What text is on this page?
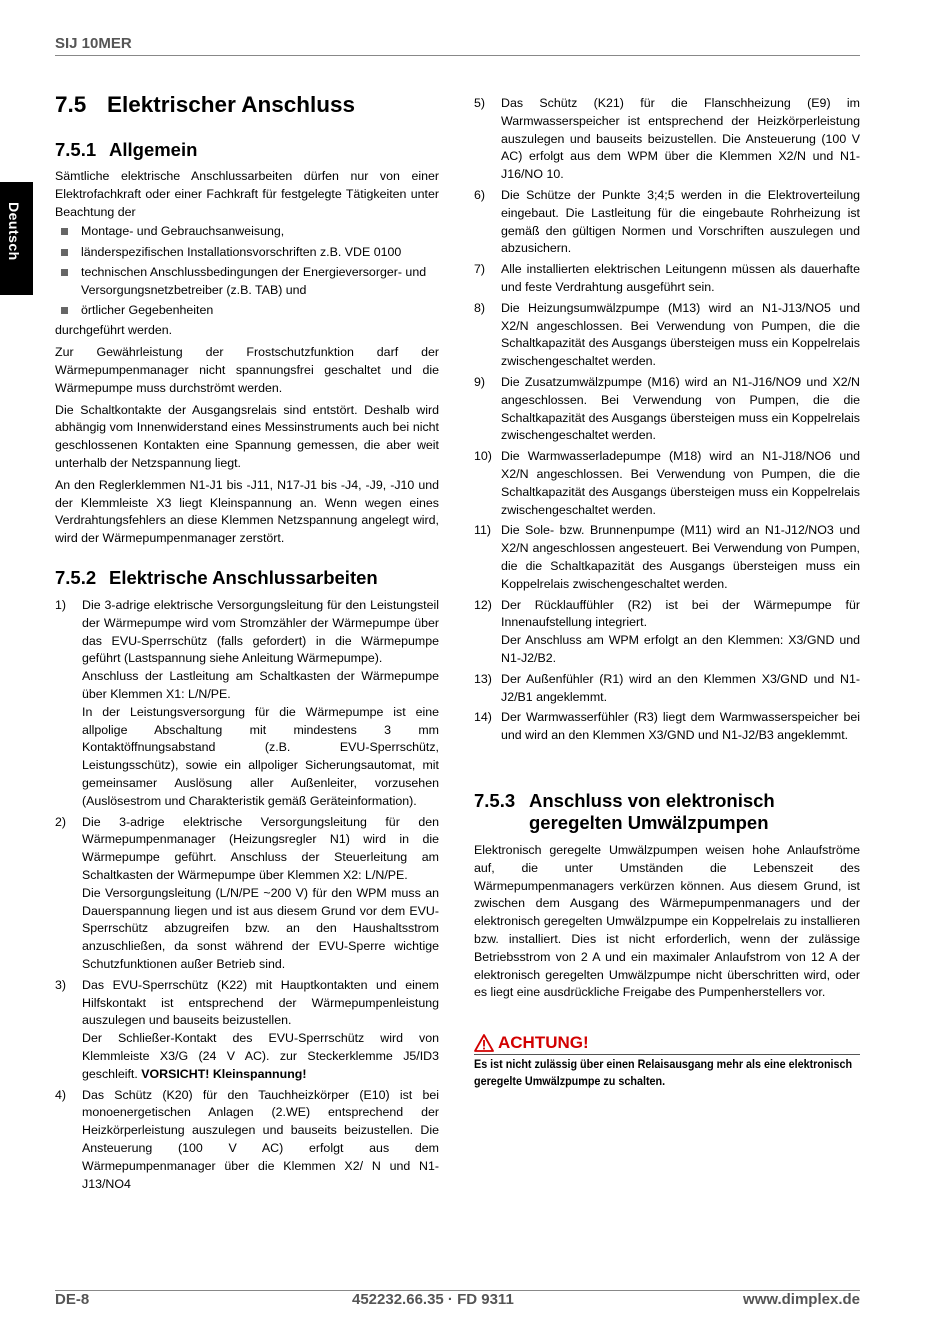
SIJ 10MER
Deutsch
7.5 Elektrischer Anschluss
7.5.1 Allgemein

Sämtliche elektrische Anschlussarbeiten dürfen nur von einer Elektrofachkraft oder einer Fachkraft für festgelegte Tätigkeiten unter Beachtung der

Montage- und Gebrauchsanweisung,
länderspezifischen Installationsvorschriften z.B. VDE 0100
technischen Anschlussbedingungen der Energieversorger- und Versorgungsnetzbetreiber (z.B. TAB) und
örtlicher Gegebenheiten

durchgeführt werden.

Zur Gewährleistung der Frostschutzfunktion darf der Wärmepumpenmanager nicht spannungsfrei geschaltet und die Wärmepumpe muss durchströmt werden.

Die Schaltkontakte der Ausgangsrelais sind entstört. Deshalb wird abhängig vom Innenwiderstand eines Messinstruments auch bei nicht geschlossenen Kontakten eine Spannung gemessen, die aber weit unterhalb der Netzspannung liegt.

An den Reglerklemmen N1-J1 bis -J11, N17-J1 bis -J4, -J9, -J10 und der Klemmleiste X3 liegt Kleinspannung an. Wenn wegen eines Verdrahtungsfehlers an diese Klemmen Netzspannung angelegt wird, wird der Wärmepumpenmanager zerstört.

7.5.2 Elektrische Anschlussarbeiten
1) Die 3-adrige elektrische Versorgungsleitung für den Leistungsteil der Wärmepumpe wird vom Stromzähler der Wärmepumpe über das EVU-Sperrschütz (falls gefordert) in die Wärmepumpe geführt (Lastspannung siehe Anleitung Wärmepumpe).
Anschluss der Lastleitung am Schaltkasten der Wärmepumpe über Klemmen X1: L/N/PE.
In der Leistungsversorgung für die Wärmepumpe ist eine allpolige Abschaltung mit mindestens 3 mm Kontaktöffnungsabstand (z.B. EVU-Sperrschütz, Leistungsschütz), sowie ein allpoliger Sicherungsautomat, mit gemeinsamer Auslösung aller Außenleiter, vorzusehen (Auslösestrom und Charakteristik gemäß Geräteinformation).
2) Die 3-adrige elektrische Versorgungsleitung für den Wärmepumpenmanager (Heizungsregler N1) wird in die Wärmepumpe geführt. Anschluss der Steuerleitung am Schaltkasten der Wärmepumpe über Klemmen X2: L/N/PE.
Die Versorgungsleitung (L/N/PE ~200 V) für den WPM muss an Dauerspannung liegen und ist aus diesem Grund vor dem EVU-Sperrschütz abzugreifen bzw. an den Haushaltsstrom anzuschließen, da sonst während der EVU-Sperre wichtige Schutzfunktionen außer Betrieb sind.
3) Das EVU-Sperrschütz (K22) mit Hauptkontakten und einem Hilfskontakt ist entsprechend der Wärmepumpenleistung auszulegen und bauseits beizustellen.
Der Schließer-Kontakt des EVU-Sperrschütz wird von Klemmleiste X3/G (24 V AC). zur Steckerklemme J5/ID3 geschleift. VORSICHT! Kleinspannung!
4) Das Schütz (K20) für den Tauchheizkörper (E10) ist bei monoenergetischen Anlagen (2.WE) entsprechend der Heizkörperleistung auszulegen und bauseits beizustellen. Die Ansteuerung (100 V AC) erfolgt aus dem Wärmepumpenmanager über die Klemmen X2/ N und N1-J13/NO4
5) Das Schütz (K21) für die Flanschheizung (E9) im Warmwasserspeicher ist entsprechend der Heizkörperleistung auszulegen und bauseits beizustellen. Die Ansteuerung (100 V AC) erfolgt aus dem WPM über die Klemmen X2/N und N1-J16/NO 10.
6) Die Schütze der Punkte 3;4;5 werden in die Elektroverteilung eingebaut. Die Lastleitung für die eingebaute Rohrheizung ist gemäß den gültigen Normen und Vorschriften auszulegen und abzusichern.
7) Alle installierten elektrischen Leitungenn müssen als dauerhafte und feste Verdrahtung ausgeführt sein.
8) Die Heizungsumwälzpumpe (M13) wird an N1-J13/NO5 und X2/N angeschlossen. Bei Verwendung von Pumpen, die die Schaltkapazität des Ausgangs übersteigen muss ein Koppelrelais zwischengeschaltet werden.
9) Die Zusatzumwälzpumpe (M16) wird an N1-J16/NO9 und X2/N angeschlossen. Bei Verwendung von Pumpen, die die Schaltkapazität des Ausgangs übersteigen muss ein Koppelrelais zwischengeschaltet werden.
10) Die Warmwasserladepumpe (M18) wird an N1-J18/NO6 und X2/N angeschlossen. Bei Verwendung von Pumpen, die die Schaltkapazität des Ausgangs übersteigen muss ein Koppelrelais zwischengeschaltet werden.
11) Die Sole- bzw. Brunnenpumpe (M11) wird an N1-J12/NO3 und X2/N angeschlossen angesteuert. Bei Verwendung von Pumpen, die die Schaltkapazität des Ausgangs übersteigen muss ein Koppelrelais zwischengeschaltet werden.
12) Der Rücklauffühler (R2) ist bei der Wärmepumpe für Innenaufstellung integriert.
Der Anschluss am WPM erfolgt an den Klemmen: X3/GND und N1-J2/B2.
13) Der Außenfühler (R1) wird an den Klemmen X3/GND und N1-J2/B1 angeklemmt.
14) Der Warmwasserfühler (R3) liegt dem Warmwasserspeicher bei und wird an den Klemmen X3/GND und N1-J2/B3 angeklemmt.
7.5.3 Anschluss von elektronisch
geregelten Umwälzpumpen

Elektronisch geregelte Umwälzpumpen weisen hohe Anlaufströme auf, die unter Umständen die Lebenszeit des Wärmepumpenmanagers verkürzen können. Aus diesem Grund, ist zwischen dem Ausgang des Wärmepumpenmanagers und der elektronisch geregelten Umwälzpumpe ein Koppelrelais zu installieren bzw. installiert. Dies ist nicht erforderlich, wenn der zulässige Betriebsstrom von 2 A und ein maximaler Anlaufstrom von 12 A der elektronisch geregelten Umwälzpumpe nicht überschritten wird, oder es liegt eine ausdrückliche Freigabe des Pumpenherstellers vor.

ACHTUNG!

Es ist nicht zulässig über einen Relaisausgang mehr als eine elektronisch geregelte Umwälzpumpe zu schalten.

DE-8	452232.66.35 · FD 9311	www.dimplex.de
